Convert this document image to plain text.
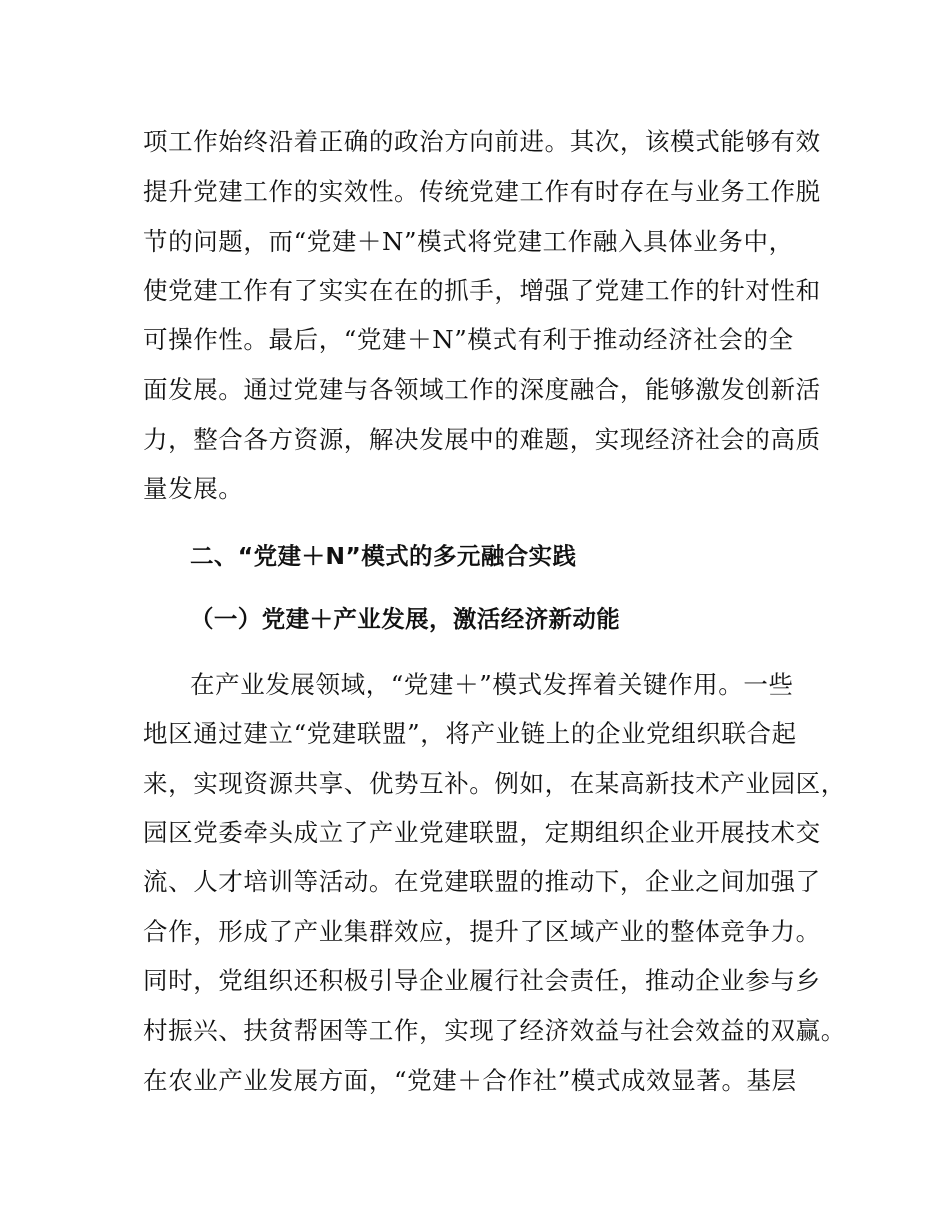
项工作始终沿着正确的政治方向前进。其次，该模式能够有效
提升党建工作的实效性。传统党建工作有时存在与业务工作脱
节的问题，而“党建＋N”模式将党建工作融入具体业务中，
使党建工作有了实实在在的抓手，增强了党建工作的针对性和
可操作性。最后，“党建＋N”模式有利于推动经济社会的全
面发展。通过党建与各领域工作的深度融合，能够激发创新活
力，整合各方资源，解决发展中的难题，实现经济社会的高质
量发展。
二、“党建＋N”模式的多元融合实践
（一）党建＋产业发展，激活经济新动能
在产业发展领域，“党建＋”模式发挥着关键作用。一些
地区通过建立“党建联盟”，将产业链上的企业党组织联合起
来，实现资源共享、优势互补。例如，在某高新技术产业园区，
园区党委牵头成立了产业党建联盟，定期组织企业开展技术交
流、人才培训等活动。在党建联盟的推动下，企业之间加强了
合作，形成了产业集群效应，提升了区域产业的整体竞争力。
同时，党组织还积极引导企业履行社会责任，推动企业参与乡
村振兴、扶贫帮困等工作，实现了经济效益与社会效益的双赢。
在农业产业发展方面，“党建＋合作社”模式成效显著。基层
